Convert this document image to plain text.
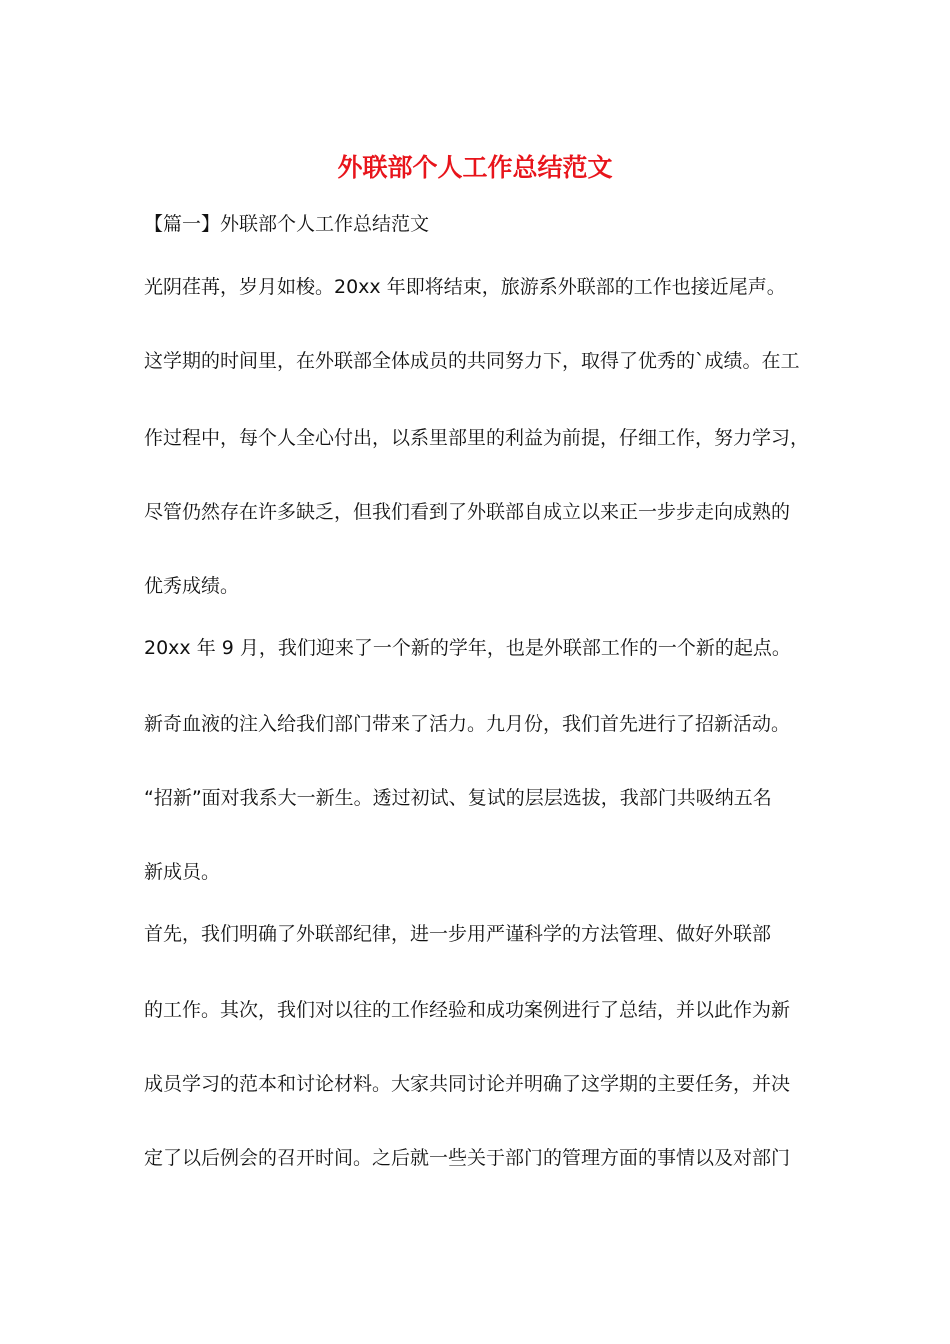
外联部个人工作总结范文

【篇一】外联部个人工作总结范文

光阴荏苒，岁月如梭。20xx 年即将结束，旅游系外联部的工作也接近尾声。

这学期的时间里，在外联部全体成员的共同努力下，取得了优秀的`成绩。在工

作过程中，每个人全心付出，以系里部里的利益为前提，仔细工作，努力学习，

尽管仍然存在许多缺乏，但我们看到了外联部自成立以来正一步步走向成熟的

优秀成绩。

20xx 年 9 月，我们迎来了一个新的学年，也是外联部工作的一个新的起点。

新奇血液的注入给我们部门带来了活力。九月份，我们首先进行了招新活动。

“招新”面对我系大一新生。透过初试、复试的层层选拔，我部门共吸纳五名

新成员。

首先，我们明确了外联部纪律，进一步用严谨科学的方法管理、做好外联部

的工作。其次，我们对以往的工作经验和成功案例进行了总结，并以此作为新

成员学习的范本和讨论材料。大家共同讨论并明确了这学期的主要任务，并决

定了以后例会的召开时间。之后就一些关于部门的管理方面的事情以及对部门
